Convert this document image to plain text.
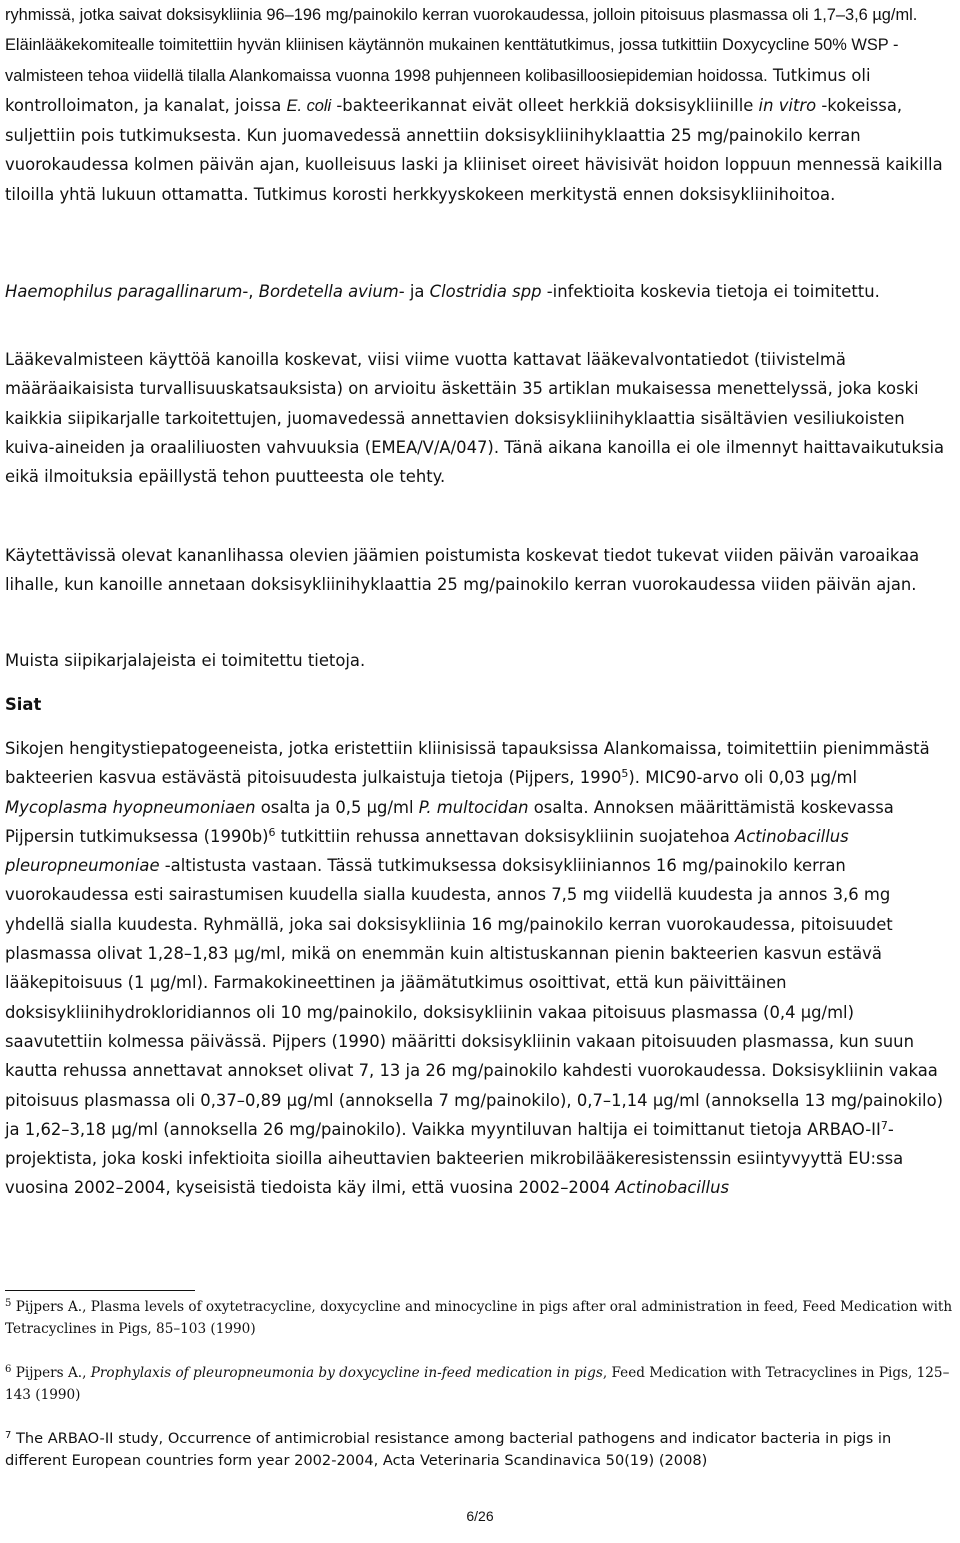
ryhmissä, jotka saivat doksisykliinia 96–196 mg/painokilo kerran vuorokaudessa, jolloin pitoisuus plasmassa oli 1,7–3,6 µg/ml. Eläinlääkekomitealle toimitettiin hyvän kliinisen käytännön mukainen kenttätutkimus, jossa tutkittiin Doxycycline 50% WSP -valmisteen tehoa viidellä tilalla Alankomaissa vuonna 1998 puhjenneen kolibasilloosiepidemian hoidossa. Tutkimus oli kontrolloimaton, ja kanalat, joissa E. coli -bakteerikannat eivät olleet herkkiä doksisykliinille in vitro -kokeissa, suljettiin pois tutkimuksesta. Kun juomavedessä annettiin doksisykliinihyklaattia 25 mg/painokilo kerran vuorokaudessa kolmen päivän ajan, kuolleisuus laski ja kliiniset oireet hävisivät hoidon loppuun mennessä kaikilla tiloilla yhtä lukuun ottamatta. Tutkimus korosti herkkyyskokeen merkitystä ennen doksisykliinihoitoa.

Haemophilus paragallinarum-, Bordetella avium- ja Clostridia spp -infektioita koskevia tietoja ei toimitettu.

Lääkevalmisteen käyttöä kanoilla koskevat, viisi viime vuotta kattavat lääkevalvontatiedot (tiivistelmä määräaikaisista turvallisuuskatsauksista) on arvioitu äskettäin 35 artiklan mukaisessa menettelyssä, joka koski kaikkia siipikarjalle tarkoitettujen, juomavedessä annettavien doksisykliinihyklaattia sisältävien vesiliukoisten kuiva-aineiden ja oraaliliuosten vahvuuksia (EMEA/V/A/047). Tänä aikana kanoilla ei ole ilmennyt haittavaikutuksia eikä ilmoituksia epäillystä tehon puutteesta ole tehty.

Käytettävissä olevat kananlihassa olevien jäämien poistumista koskevat tiedot tukevat viiden päivän varoaikaa lihalle, kun kanoille annetaan doksisykliinihyklaattia 25 mg/painokilo kerran vuorokaudessa viiden päivän ajan.

Muista siipikarjalajeista ei toimitettu tietoja.

Siat

Sikojen hengitystiepatogeeneista, jotka eristettiin kliinisissä tapauksissa Alankomaissa, toimitettiin pienimmästä bakteerien kasvua estävästä pitoisuudesta julkaistuja tietoja (Pijpers, 1990$^5$). MIC90-arvo oli 0,03 µg/ml Mycoplasma hyopneumoniaen osalta ja 0,5 µg/ml P. multocidan osalta. Annoksen määrittämistä koskevassa Pijpersin tutkimuksessa $(1990b)^6$ tutkittiin rehussa annettavan doksisykliinin suojatehoa Actinobacillus pleuropneumoniae -altistusta vastaan. Tässä tutkimuksessa doksisykliiniannos 16 mg/painokilo kerran vuorokaudessa esti sairastumisen kuudella sialla kuudesta, annos 7,5 mg viidellä kuudesta ja annos 3,6 mg yhdellä sialla kuudesta. Ryhmällä, joka sai doksisykliinia 16 mg/painokilo kerran vuorokaudessa, pitoisuudet plasmassa olivat 1,28–1,83 µg/ml, mikä on enemmän kuin altistuskannan pienin bakteerien kasvun estävä lääkepitoisuus (1 µg/ml). Farmakokineettinen ja jäämätutkimus osoittivat, että kun päivittäinen doksisykliinihydrokloridiannos oli 10 mg/painokilo, doksisykliinin vakaa pitoisuus plasmassa (0,4 µg/ml) saavutettiin kolmessa päivässä. Pijpers (1990) määritti doksisykliinin vakaan pitoisuuden plasmassa, kun suun kautta rehussa annettavat annokset olivat 7, 13 ja 26 mg/painokilo kahdesti vuorokaudessa. Doksisykliinin vakaa pitoisuus plasmassa oli 0,37–0,89 µg/ml (annoksella 7 mg/painokilo), 0,7–1,14 µg/ml (annoksella 13 mg/painokilo) ja 1,62–3,18 µg/ml (annoksella 26 mg/painokilo). Vaikka myyntiluvan haltija ei toimittanut tietoja ARBAO-$II^7$-projektista, joka koski infektioita sioilla aiheuttavien bakteerien mikrobilääkeresistenssin esiintyvyyttä EU:ssa vuosina 2002–2004, kyseisistä tiedoista käy ilmi, että vuosina 2002–2004 Actinobacillus

$^5$ Pijpers A., Plasma levels of oxytetracycline, doxycycline and minocycline in pigs after oral administration in feed, Feed Medication with Tetracyclines in Pigs, 85–103 (1990)

$^6$ Pijpers A., Prophylaxis of pleuropneumonia by doxycycline in-feed medication in pigs, Feed Medication with Tetracyclines in Pigs, 125–143 (1990)

$^7$ The ARBAO-II study, Occurrence of antimicrobial resistance among bacterial pathogens and indicator bacteria in pigs in different European countries form year 2002-2004, Acta Veterinaria Scandinavica 50(19) (2008)

6/26
